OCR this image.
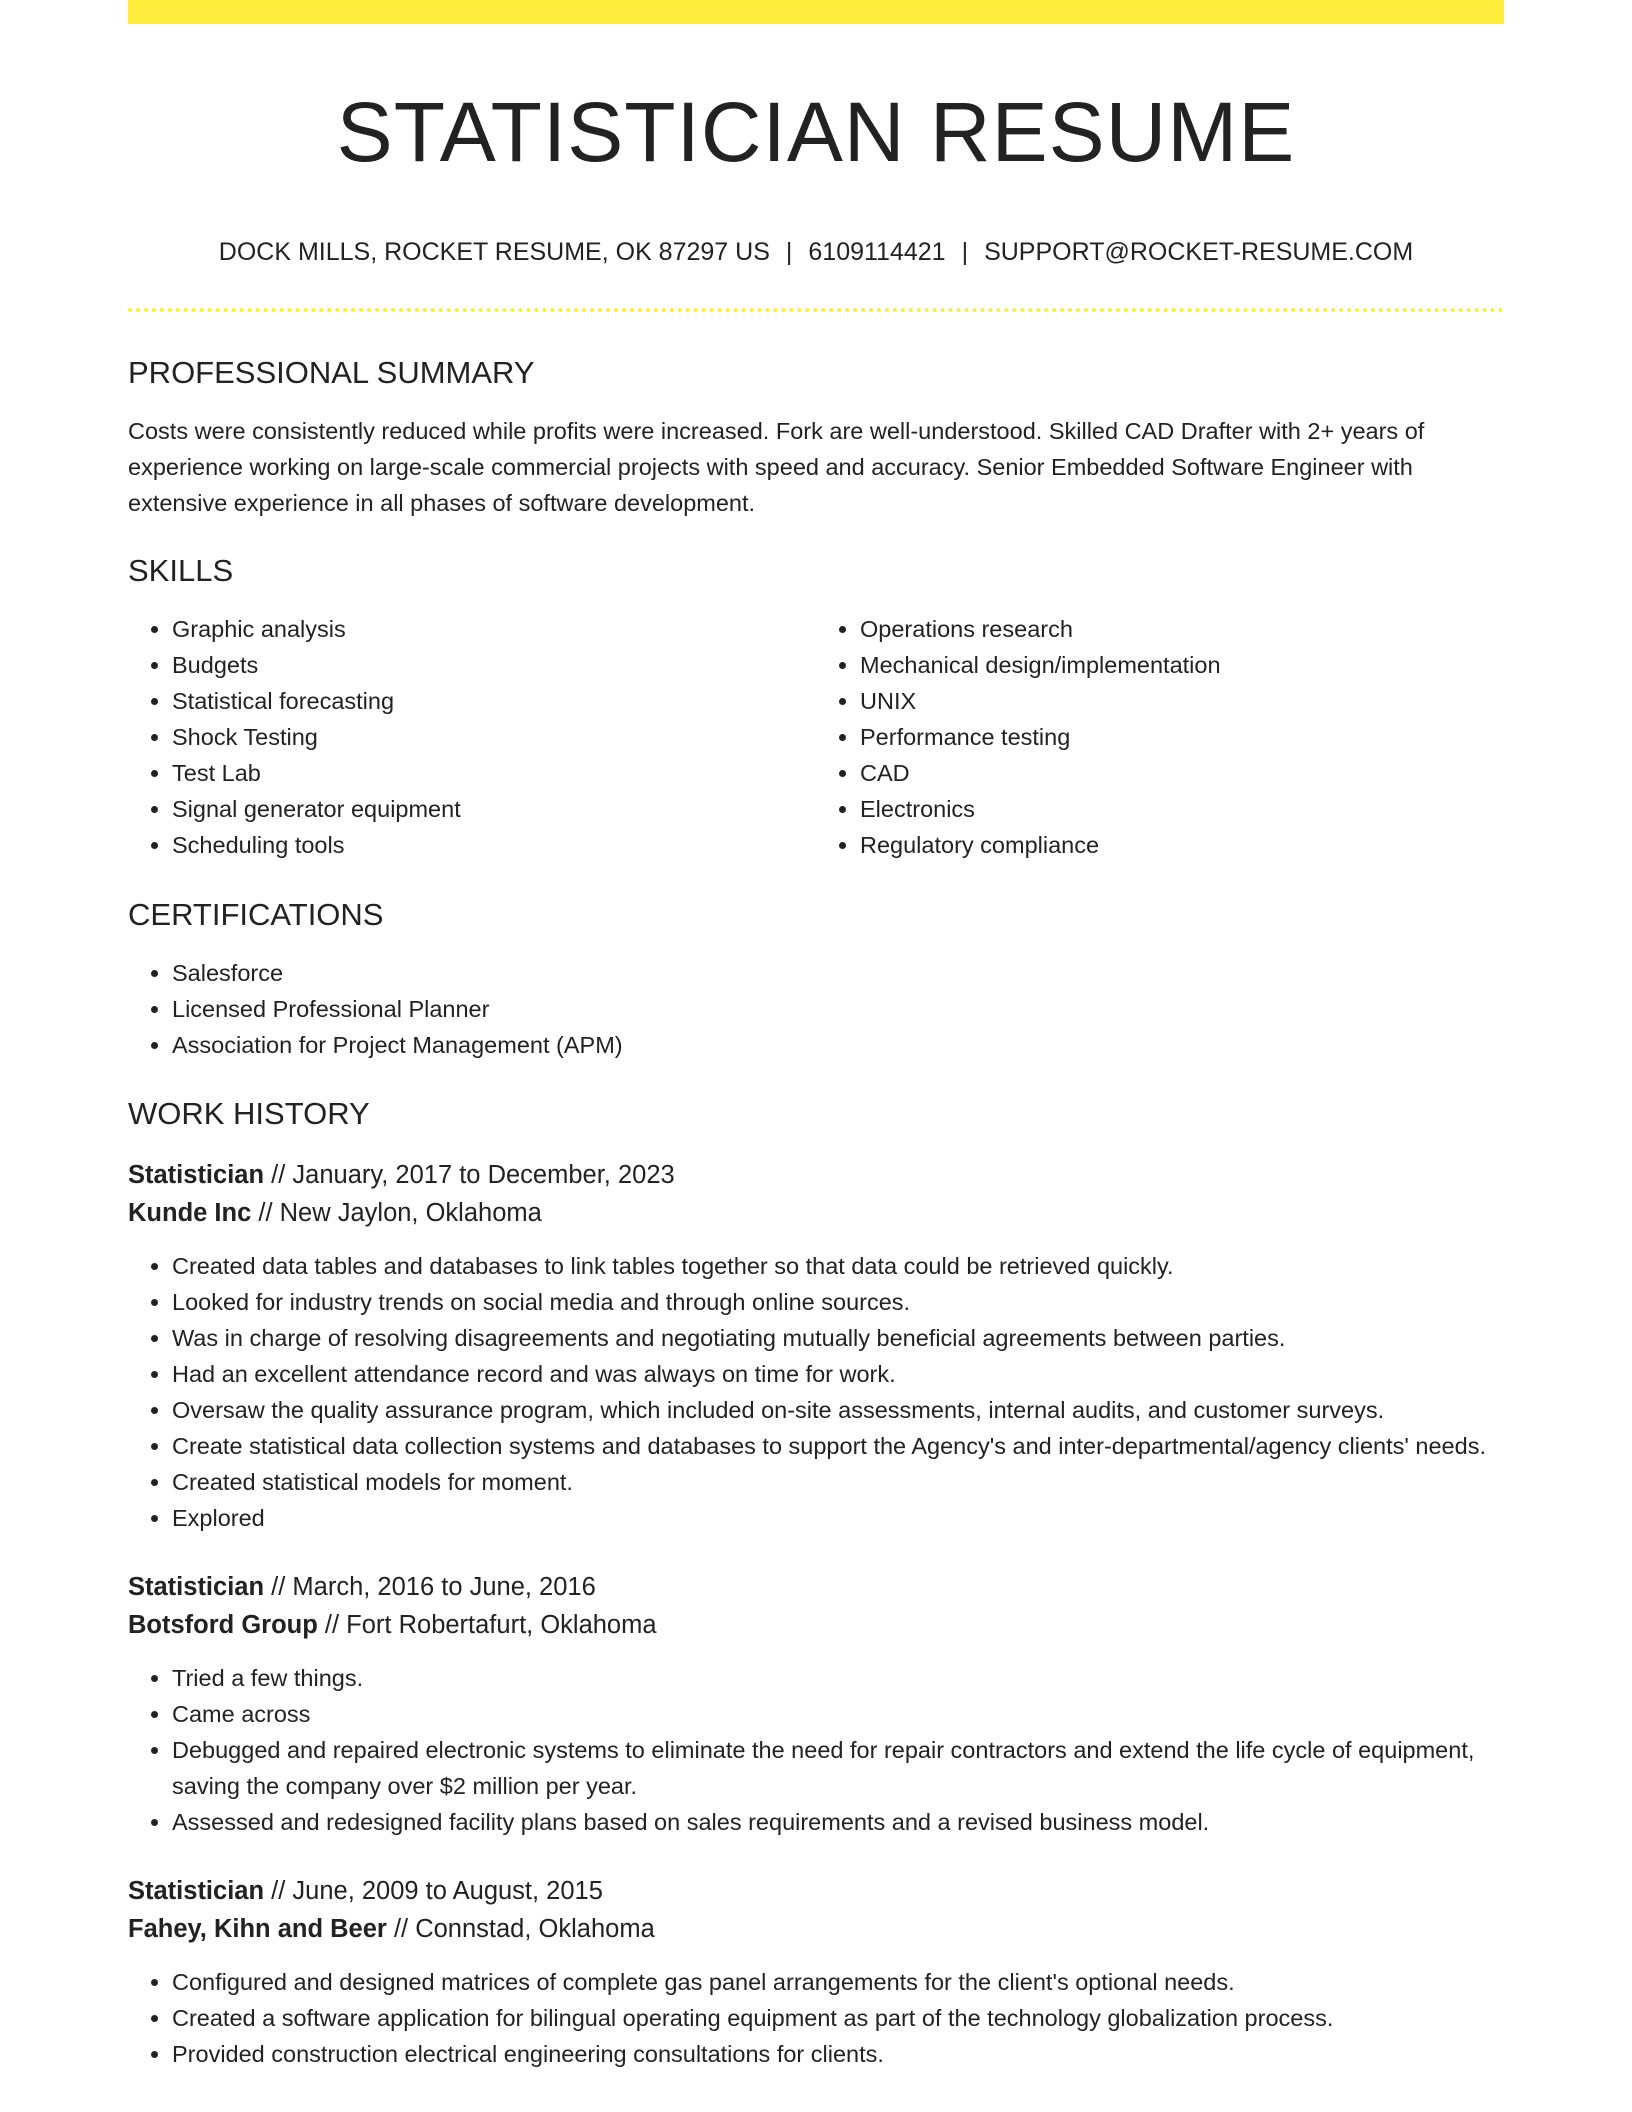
STATISTICIAN RESUME
DOCK MILLS, ROCKET RESUME, OK 87297 US | 6109114421 | SUPPORT@ROCKET-RESUME.COM
PROFESSIONAL SUMMARY
Costs were consistently reduced while profits were increased. Fork are well-understood. Skilled CAD Drafter with 2+ years of experience working on large-scale commercial projects with speed and accuracy. Senior Embedded Software Engineer with extensive experience in all phases of software development.
SKILLS
• Graphic analysis
• Budgets
• Statistical forecasting
• Shock Testing
• Test Lab
• Signal generator equipment
• Scheduling tools
• Operations research
• Mechanical design/implementation
• UNIX
• Performance testing
• CAD
• Electronics
• Regulatory compliance
CERTIFICATIONS
• Salesforce
• Licensed Professional Planner
• Association for Project Management (APM)
WORK HISTORY
Statistician // January, 2017 to December, 2023
Kunde Inc // New Jaylon, Oklahoma
• Created data tables and databases to link tables together so that data could be retrieved quickly.
• Looked for industry trends on social media and through online sources.
• Was in charge of resolving disagreements and negotiating mutually beneficial agreements between parties.
• Had an excellent attendance record and was always on time for work.
• Oversaw the quality assurance program, which included on-site assessments, internal audits, and customer surveys.
• Create statistical data collection systems and databases to support the Agency's and inter-departmental/agency clients' needs.
• Created statistical models for moment.
• Explored
Statistician // March, 2016 to June, 2016
Botsford Group // Fort Robertafurt, Oklahoma
• Tried a few things.
• Came across
• Debugged and repaired electronic systems to eliminate the need for repair contractors and extend the life cycle of equipment, saving the company over $2 million per year.
• Assessed and redesigned facility plans based on sales requirements and a revised business model.
Statistician // June, 2009 to August, 2015
Fahey, Kihn and Beer // Connstad, Oklahoma
• Configured and designed matrices of complete gas panel arrangements for the client's optional needs.
• Created a software application for bilingual operating equipment as part of the technology globalization process.
• Provided construction electrical engineering consultations for clients.
